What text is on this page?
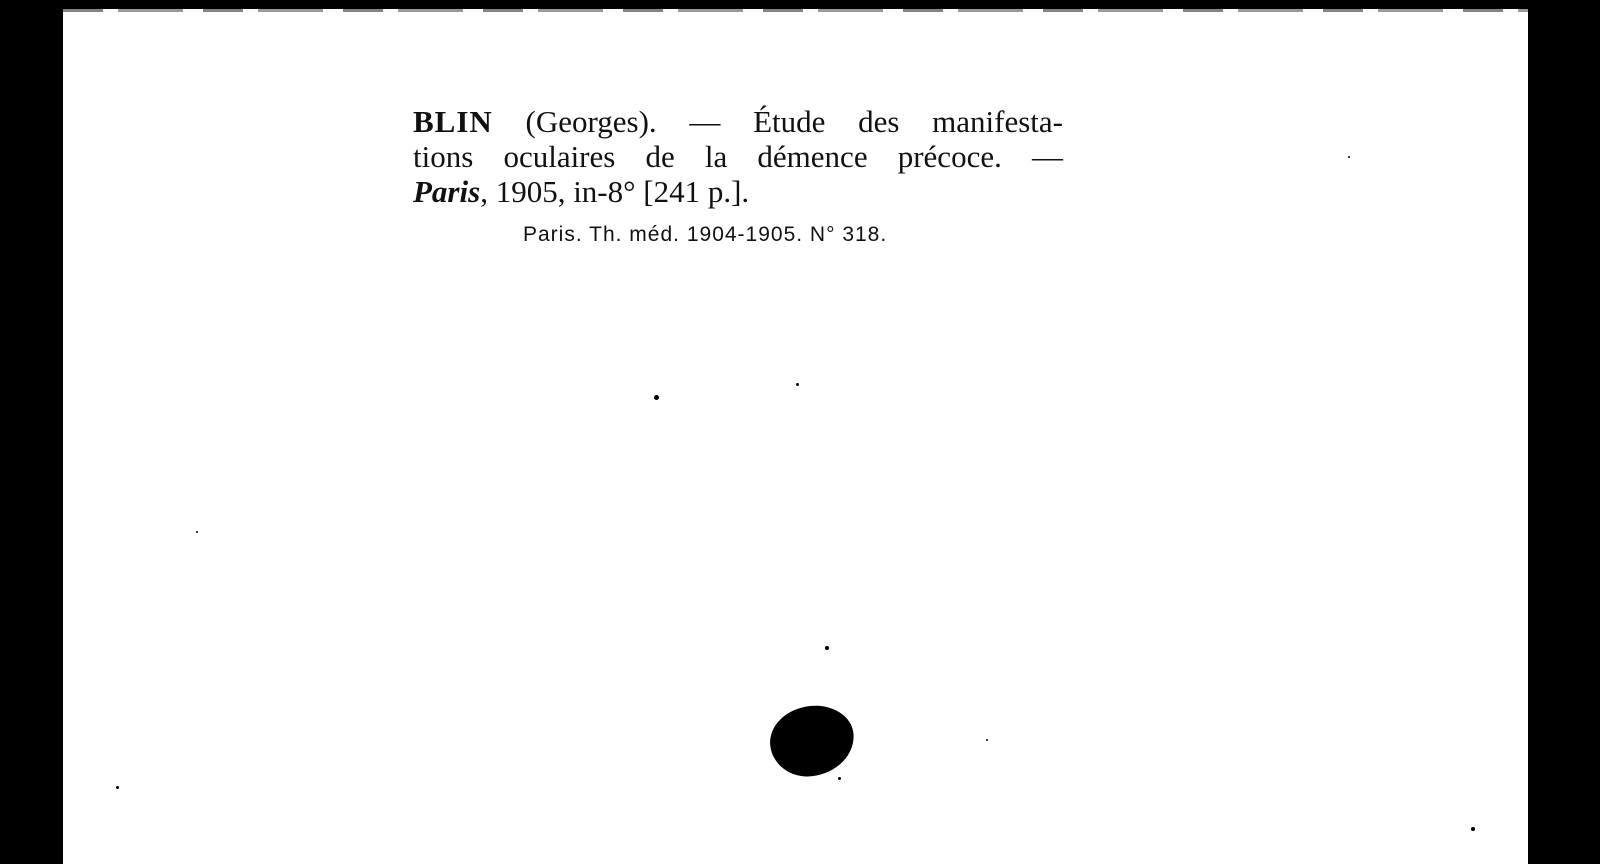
BLIN (Georges). — Étude des manifesta-
tions oculaires de la démence précoce. —
Paris, 1905, in-8° [241 p.].
Paris. Th. méd. 1904-1905. N° 318.
